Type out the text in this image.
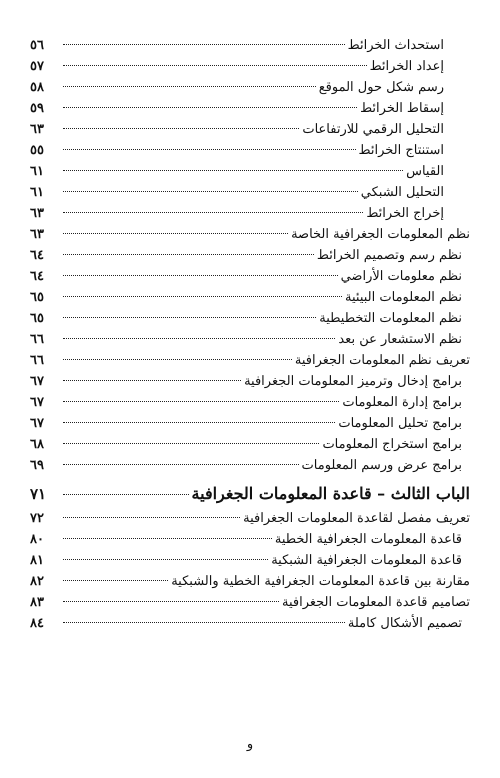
استحداث الخرائط
٥٦
إعداد الخرائط
٥٧
رسم شكل حول الموقع
٥٨
إسقاط الخرائط
٥٩
التحليل الرقمي للارتفاعات
٦٣
استنتاج الخرائط
٥٥
القياس
٦١
التحليل الشبكي
٦١
إخراج الخرائط
٦٣
نظم المعلومات الجغرافية الخاصة
٦٣
نظم رسم وتصميم الخرائط
٦٤
نظم معلومات الأراضي
٦٤
نظم المعلومات البيئية
٦٥
نظم المعلومات التخطيطية
٦٥
نظم الاستشعار عن بعد
٦٦
تعريف نظم المعلومات الجغرافية
٦٦
برامج إدخال وترميز المعلومات الجغرافية
٦٧
برامج إدارة المعلومات
٦٧
برامج تحليل المعلومات
٦٧
برامج استخراج المعلومات
٦٨
برامج عرض ورسم المعلومات
٦٩
الباب الثالث – قاعدة المعلومات الجغرافية
٧١
تعريف مفصل لقاعدة المعلومات الجغرافية
٧٢
قاعدة المعلومات الجغرافية الخطية
٨٠
قاعدة المعلومات الجغرافية الشبكية
٨١
مقارنة بين قاعدة المعلومات الجغرافية الخطية والشبكية
٨٢
تصاميم قاعدة المعلومات الجغرافية
٨٣
تصميم الأشكال كاملة
٨٤
و
